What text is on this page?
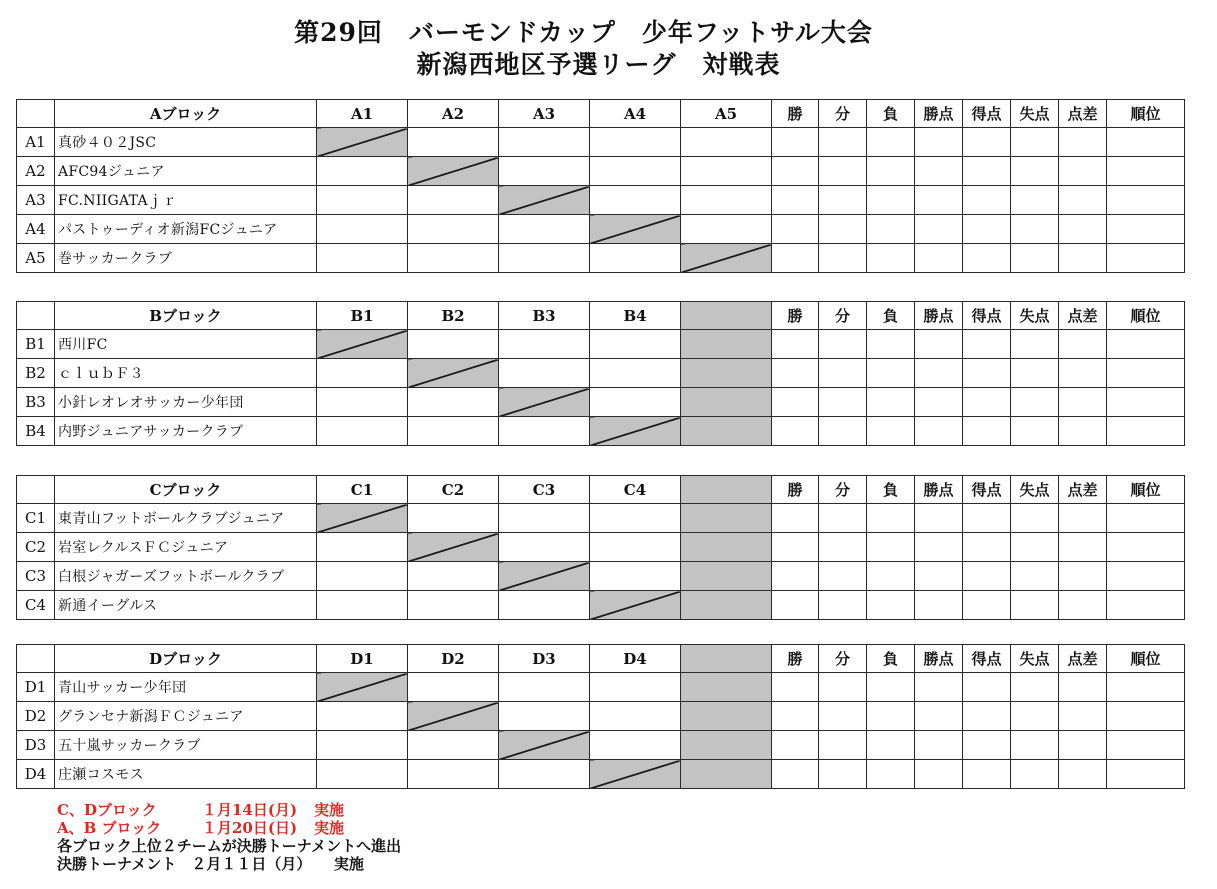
第29回　バーモンドカップ　少年フットサル大会
新潟西地区予選リーグ　対戦表
	Aブロック	A1	A2	A3	A4	A5	勝	分	負	勝点	得点	失点	点差	順位
A1	真砂４０２JSC													
A2	AFC94ジュニア													
A3	FC.NIIGATAｊｒ													
A4	パストゥーディオ新潟FCジュニア													
A5	巻サッカークラブ													
	Bブロック	B1	B2	B3	B4		勝	分	負	勝点	得点	失点	点差	順位
B1	西川FC													
B2	ｃｌｕｂＦ３													
B3	小針レオレオサッカー少年団													
B4	内野ジュニアサッカークラブ													
	Cブロック	C1	C2	C3	C4		勝	分	負	勝点	得点	失点	点差	順位
C1	東青山フットボールクラブジュニア													
C2	岩室レクルスＦＣジュニア													
C3	白根ジャガーズフットボールクラブ													
C4	新通イーグルス													
	Dブロック	D1	D2	D3	D4		勝	分	負	勝点	得点	失点	点差	順位
D1	青山サッカー少年団													
D2	グランセナ新潟ＦＣジュニア													
D3	五十嵐サッカークラブ													
D4	庄瀬コスモス													
C、Dブロック	１月14日(月) 実施
A、B ブロック	１月20日(日) 実施
各ブロック上位２チームが決勝トーナメントへ進出
決勝トーナメント　２月１１日（月）　　実施
